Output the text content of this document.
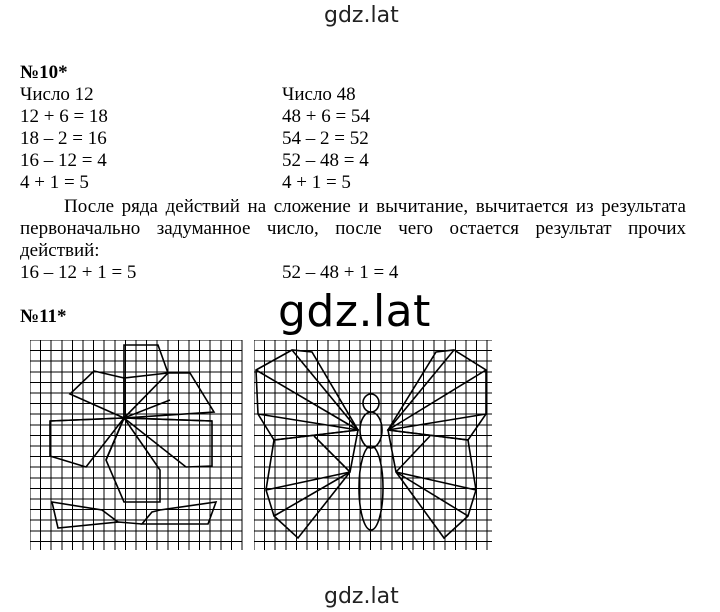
gdz.lat
№10*
Число 12
12 + 6 = 18
18 – 2 = 16
16 – 12 = 4
4 + 1 = 5
Число 48
48 + 6 = 54
54 – 2 = 52
52 – 48 = 4
4 + 1 = 5
После ряда действий на сложение и вычитание, вычитается из результата
первоначально задуманное число, после чего остается результат прочих
действий:
16 – 12 + 1 = 5	52 – 48 + 1 = 4
gdz.lat
№11*
gdz.lat
